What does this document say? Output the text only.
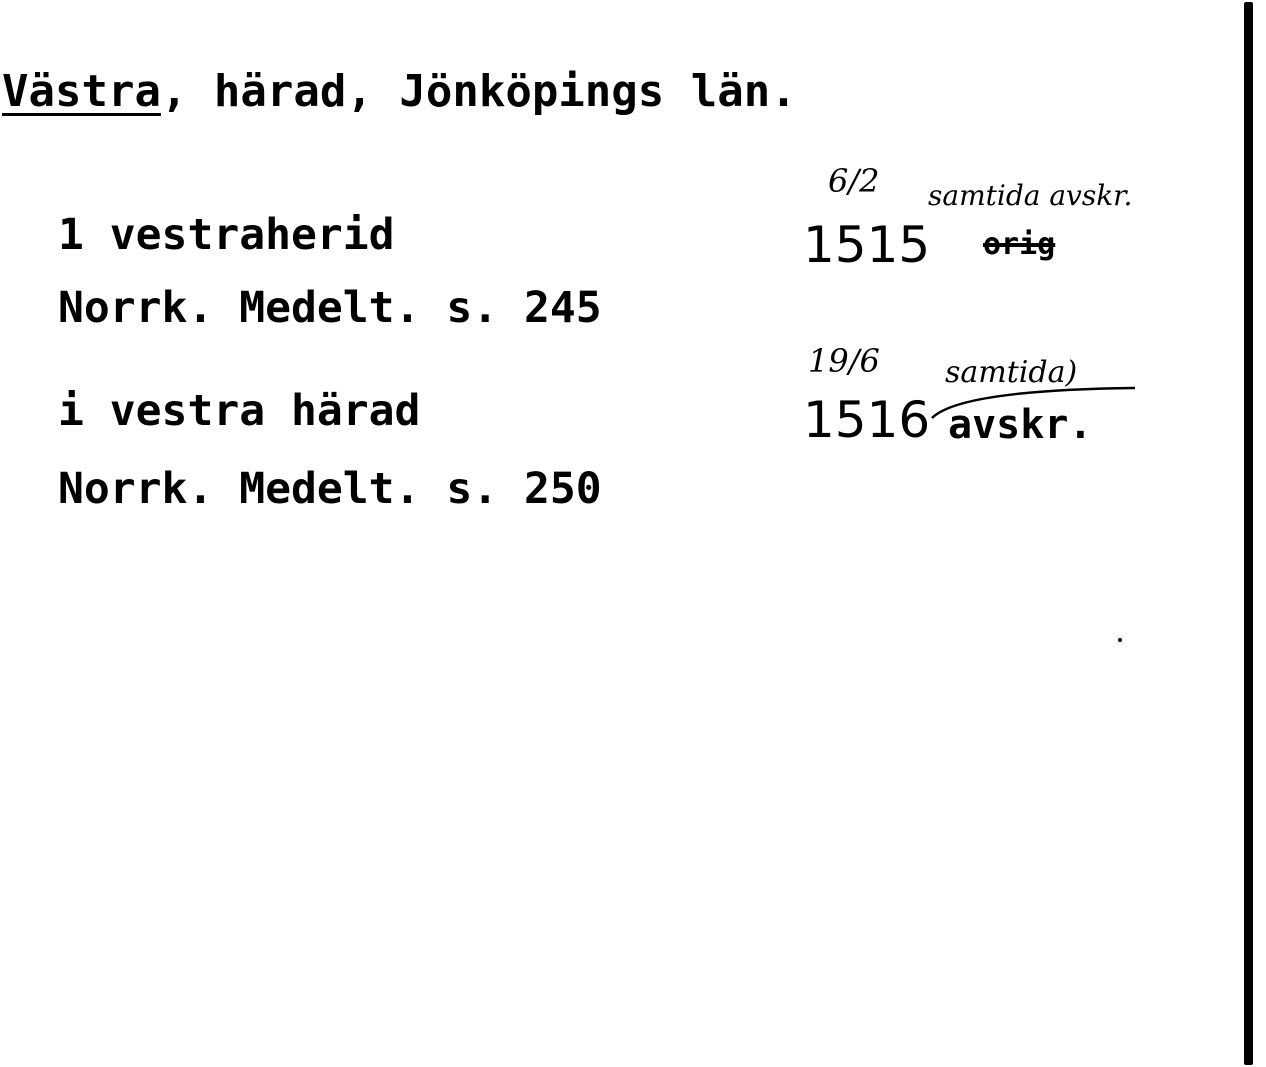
Västra, härad, Jönköpings län.
1 vestraherid
Norrk. Medelt. s. 245
i vestra härad
Norrk. Medelt. s. 250
6/2 samtida avskr.
1515 orig
19/6 samtida)
1516 avskr.
